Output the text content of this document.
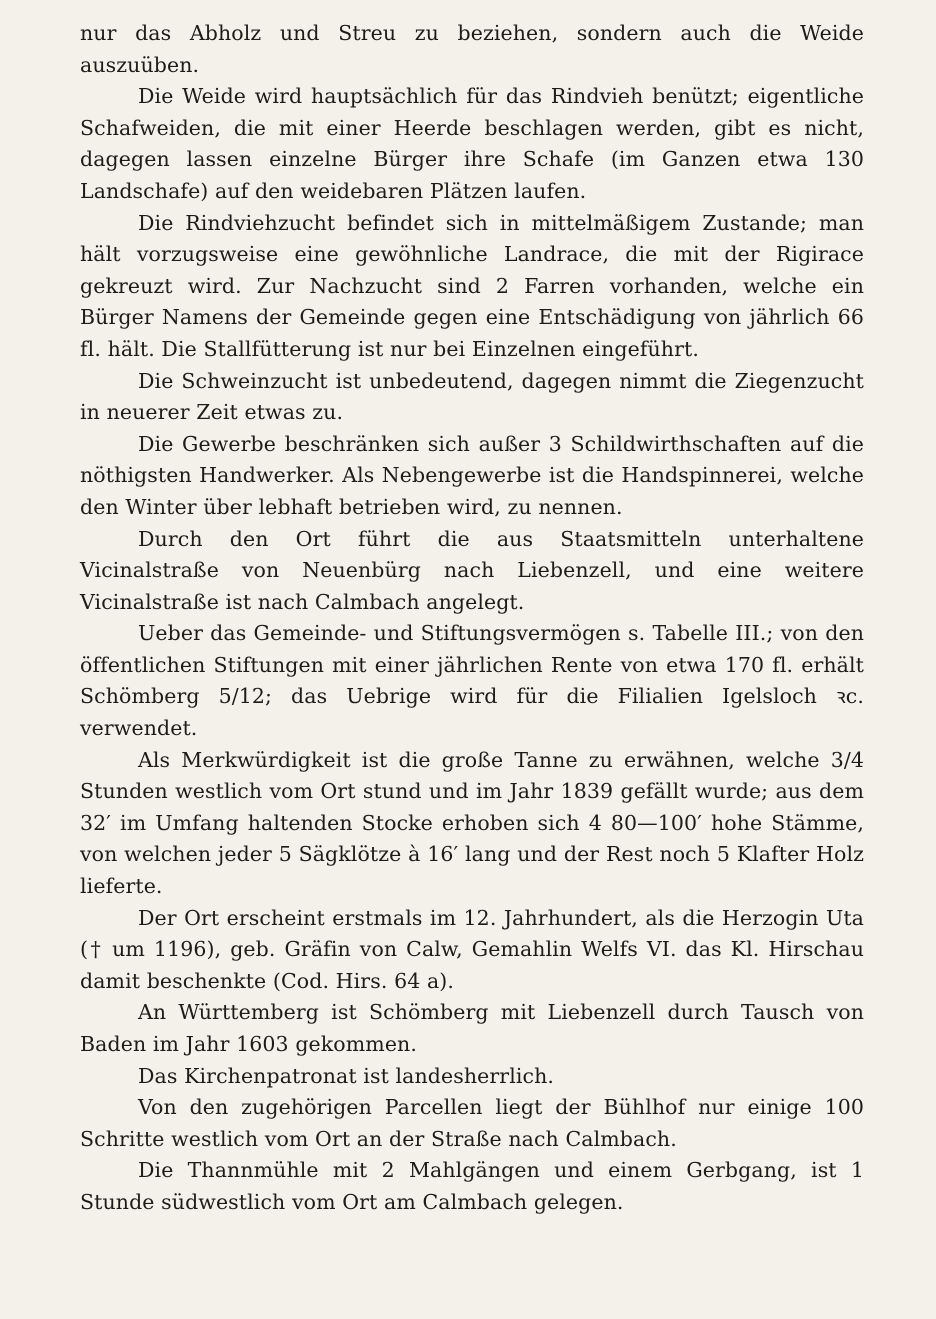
nur das Abholz und Streu zu beziehen, sondern auch die Weide auszuüben.

Die Weide wird hauptsächlich für das Rindvieh benützt; eigentliche Schafweiden, die mit einer Heerde beschlagen werden, gibt es nicht, dagegen lassen einzelne Bürger ihre Schafe (im Ganzen etwa 130 Landschafe) auf den weidebaren Plätzen laufen.

Die Rindviehzucht befindet sich in mittelmäßigem Zustande; man hält vorzugsweise eine gewöhnliche Landrace, die mit der Rigirace gekreuzt wird. Zur Nachzucht sind 2 Farren vorhanden, welche ein Bürger Namens der Gemeinde gegen eine Entschädigung von jährlich 66 fl. hält. Die Stallfütterung ist nur bei Einzelnen eingeführt.

Die Schweinzucht ist unbedeutend, dagegen nimmt die Ziegenzucht in neuerer Zeit etwas zu.

Die Gewerbe beschränken sich außer 3 Schildwirthschaften auf die nöthigsten Handwerker. Als Nebengewerbe ist die Handspinnerei, welche den Winter über lebhaft betrieben wird, zu nennen.

Durch den Ort führt die aus Staatsmitteln unterhaltene Vicinalstraße von Neuenbürg nach Liebenzell, und eine weitere Vicinalstraße ist nach Calmbach angelegt.

Ueber das Gemeinde- und Stiftungsvermögen s. Tabelle III.; von den öffentlichen Stiftungen mit einer jährlichen Rente von etwa 170 fl. erhält Schömberg 5/12; das Uebrige wird für die Filialien Igelsloch ꝛc. verwendet.

Als Merkwürdigkeit ist die große Tanne zu erwähnen, welche 3/4 Stunden westlich vom Ort stund und im Jahr 1839 gefällt wurde; aus dem 32′ im Umfang haltenden Stocke erhoben sich 4 80—100′ hohe Stämme, von welchen jeder 5 Sägklötze à 16′ lang und der Rest noch 5 Klafter Holz lieferte.

Der Ort erscheint erstmals im 12. Jahrhundert, als die Herzogin Uta († um 1196), geb. Gräfin von Calw, Gemahlin Welfs VI. das Kl. Hirschau damit beschenkte (Cod. Hirs. 64 a).

An Württemberg ist Schömberg mit Liebenzell durch Tausch von Baden im Jahr 1603 gekommen.

Das Kirchenpatronat ist landesherrlich.

Von den zugehörigen Parcellen liegt der Bühlhof nur einige 100 Schritte westlich vom Ort an der Straße nach Calmbach.

Die Thannmühle mit 2 Mahlgängen und einem Gerbgang, ist 1 Stunde südwestlich vom Ort am Calmbach gelegen.
